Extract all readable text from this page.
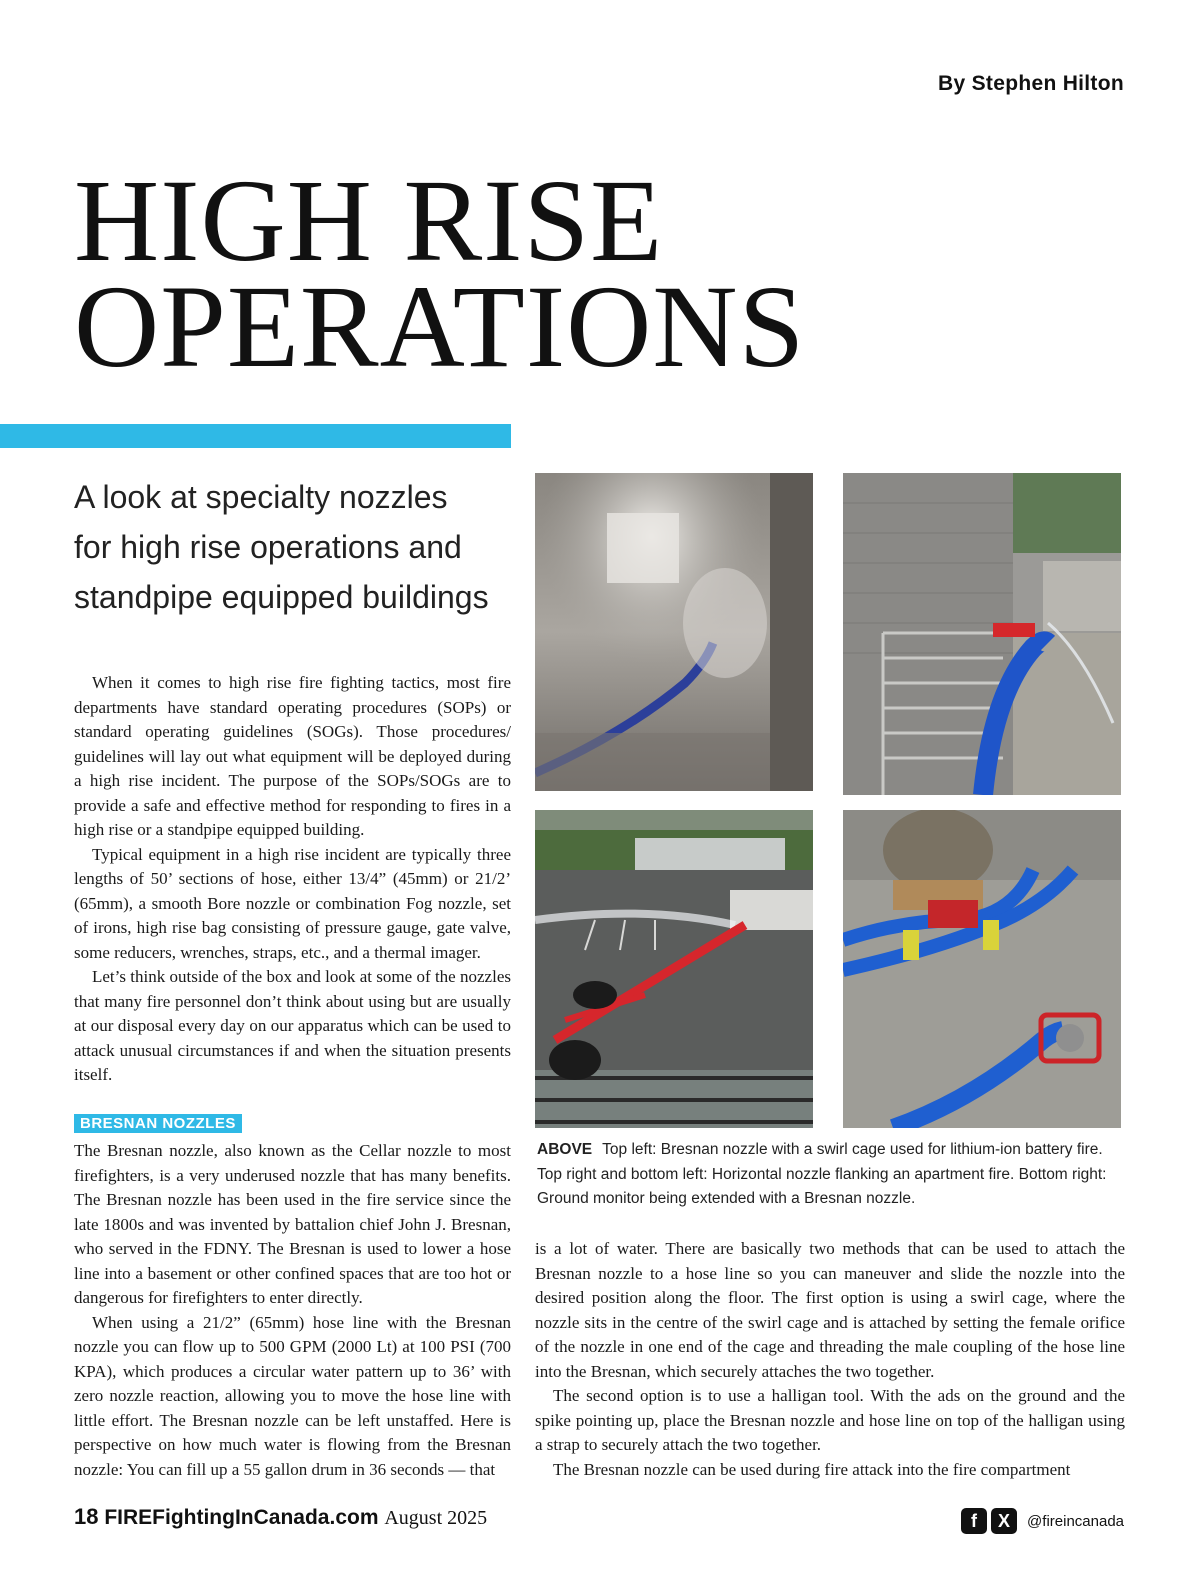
By Stephen Hilton
HIGH RISE
OPERATIONS
A look at specialty nozzles
for high rise operations and
standpipe equipped buildings

When it comes to high rise fire fighting tactics, most fire departments have standard operating procedures (SOPs) or standard operating guidelines (SOGs). Those procedures/ guidelines will lay out what equipment will be deployed during a high rise incident. The purpose of the SOPs/SOGs are to provide a safe and effective method for responding to fires in a high rise or a standpipe equipped building.

Typical equipment in a high rise incident are typically three lengths of 50’ sections of hose, either 13/4” (45mm) or 21/2’ (65mm), a smooth Bore nozzle or combination Fog nozzle, set of irons, high rise bag consisting of pressure gauge, gate valve, some reducers, wrenches, straps, etc., and a thermal imager.

Let’s think outside of the box and look at some of the nozzles that many fire personnel don’t think about using but are usually at our disposal every day on our apparatus which can be used to attack unusual circumstances if and when the situation presents itself.

BRESNAN NOZZLES

The Bresnan nozzle, also known as the Cellar nozzle to most firefighters, is a very underused nozzle that has many benefits. The Bresnan nozzle has been used in the fire service since the late 1800s and was invented by battalion chief John J. Bresnan, who served in the FDNY. The Bresnan is used to lower a hose line into a basement or other confined spaces that are too hot or dangerous for firefighters to enter directly.

When using a 21/2” (65mm) hose line with the Bresnan nozzle you can flow up to 500 GPM (2000 Lt) at 100 PSI (700 KPA), which produces a circular water pattern up to 36’ with zero nozzle reaction, allowing you to move the hose line with little effort. The Bresnan nozzle can be left unstaffed. Here is perspective on how much water is flowing from the Bresnan nozzle: You can fill up a 55 gallon drum in 36 seconds — that

ABOVE Top left: Bresnan nozzle with a swirl cage used for lithium-ion battery fire. Top right and bottom left: Horizontal nozzle flanking an apartment fire. Bottom right: Ground monitor being extended with a Bresnan nozzle.

is a lot of water. There are basically two methods that can be used to attach the Bresnan nozzle to a hose line so you can maneuver and slide the nozzle into the desired position along the floor. The first option is using a swirl cage, where the nozzle sits in the centre of the swirl cage and is attached by setting the female orifice of the nozzle in one end of the cage and threading the male coupling of the hose line into the Bresnan, which securely attaches the two together.

The second option is to use a halligan tool. With the ads on the ground and the spike pointing up, place the Bresnan nozzle and hose line on top of the halligan using a strap to securely attach the two together.

The Bresnan nozzle can be used during fire attack into the fire compartment

18 FIREFightingInCanada.com August 2025	f	X	@fireincanada
